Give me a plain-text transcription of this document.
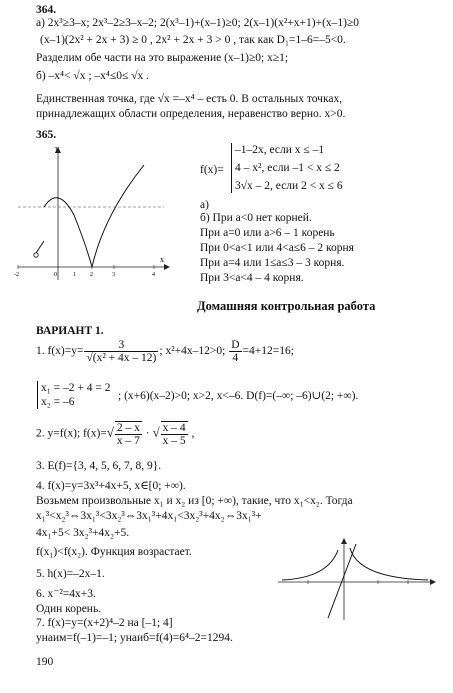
364.
а) 2x³≥3–x; 2x³–2≥3–x–2; 2(x³–1)+(x–1)≥0; 2(x–1)(x²+x+1)+(x–1)≥0
(x–1)(2x² + 2x + 3) ≥ 0 , 2x² + 2x + 3 > 0 , так как D₁=1–6=–5<0.
Разделим обе части на это выражение (x–1)≥0; x≥1;
б) –x⁴< √x ; –x⁴≤0≤ √x .
Единственная точка, где √x =–x⁴ – есть 0. В остальных точках,
принадлежащих области определения, неравенство верно. x>0.
365.
y
x
-2	0	1 2	3	4
f(x)=
–1–2x, если x ≤ –1
4 – x², если –1 < x ≤ 2
3√x – 2, если 2 < x ≤ 6
а)
б) При a<0 нет корней.
При a=0 или a>6 – 1 корень
При 0<a<1 или 4<a≤6 – 2 корня
При a=4 или 1≤a≤3 – 3 корня.
При 3<a<4 – 4 корня.
Домашняя контрольная работа
ВАРИАНТ 1.
1. $f(x)=y= \frac{3}{\text{√(x² + 4x – 12)}}$ ; x²+4x–12>0; $\frac{D}{4} =4+12=16$;
x₁ = –2 + 4 = 2
x₂ = –6	; (x+6)(x–2)>0; x>2, x<–6. D(f)=(–∞; –6)∪(2; +∞).
2. y=f(x); $f(x)=√ \frac{2 - x}{x - 7}$ · √ $\frac{x - 4}{x - 5}$ ,
3. E(f)={3, 4, 5, 6, 7, 8, 9}.
4. f(x)=y=3x³+4x+5, x∈[0; +∞).
Возьмем произвольные x₁ и x₂ из [0; +∞), такие, что x₁<x₂. Тогда
x₁³<x₂³⇔3x₁³<3x₂³⇔3x₁³+4x₁<3x₂³+4x₂⇔3x₁³+
4x₁+5< 3x₂³+4x₂+5.
f(x₁)<f(x₂). Функция возрастает.
5. h(x)=–2x–1.
6. x⁻²=4x+3.
Один корень.
7. f(x)=y=(x+2)⁴–2 на [–1; 4]
yнаим=f(–1)=–1; yнаиб=f(4)=6⁴–2=1294.
190
